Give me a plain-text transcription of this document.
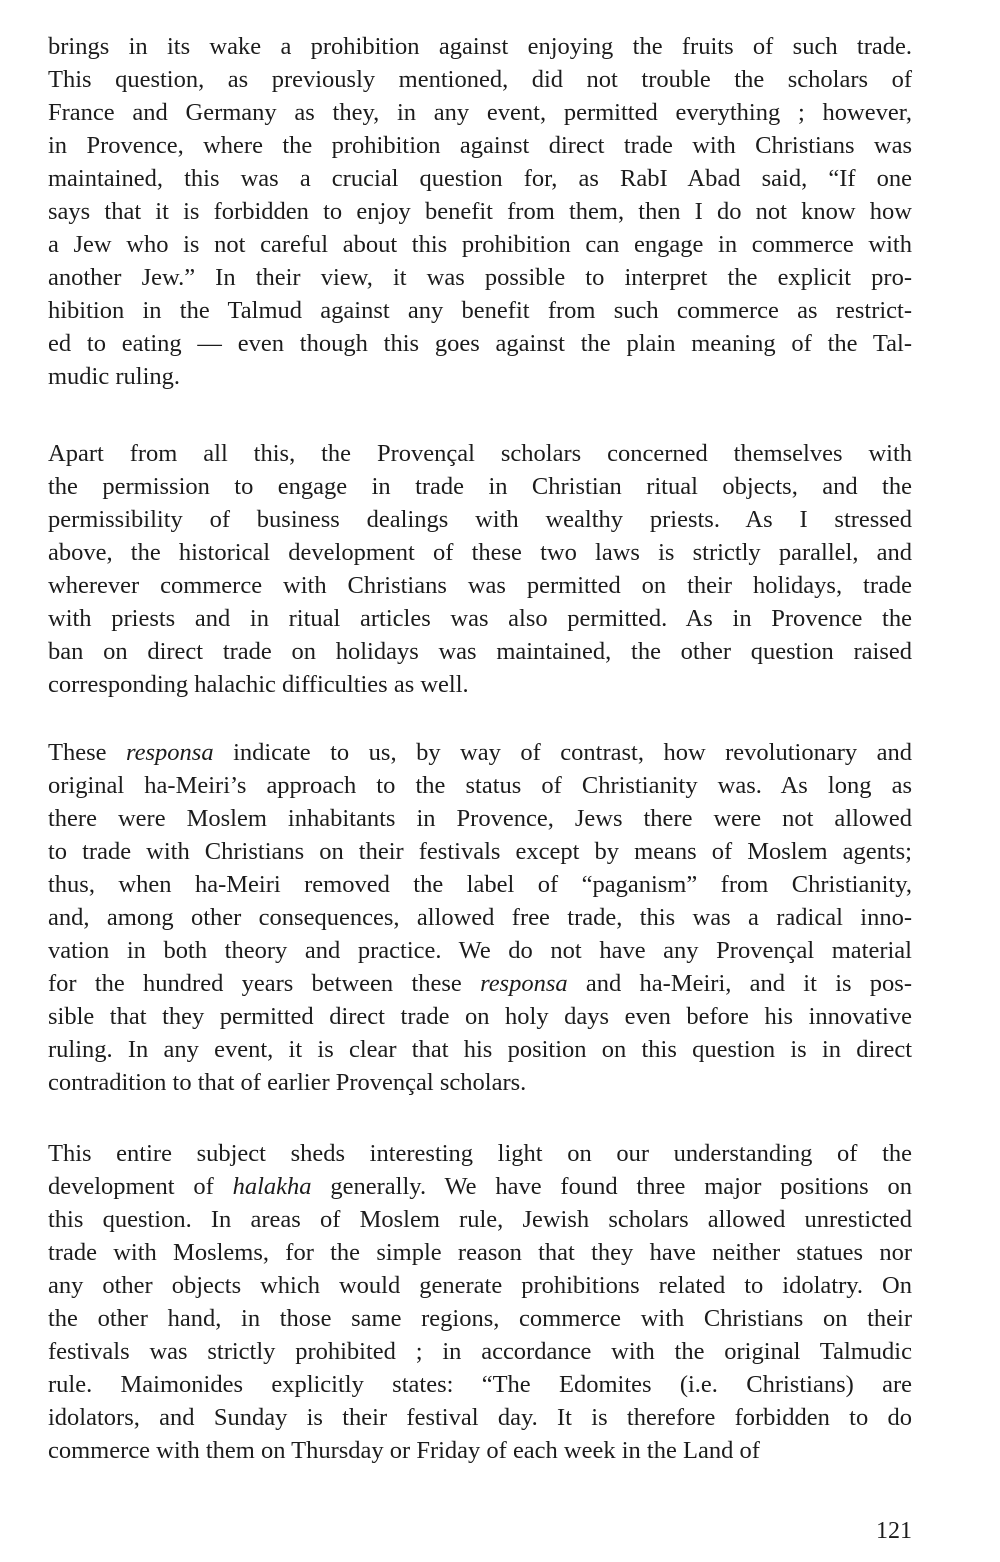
brings in its wake a prohibition against enjoying the fruits of such trade.
This question, as previously mentioned, did not trouble the scholars of
France and Germany as they, in any event, permitted everything ; however,
in Provence, where the prohibition against direct trade with Christians was
maintained, this was a crucial question for, as RabI Abad said, “If one
says that it is forbidden to enjoy benefit from them, then I do not know how
a Jew who is not careful about this prohibition can engage in commerce with
another Jew.” In their view, it was possible to interpret the explicit pro-
hibition in the Talmud against any benefit from such commerce as restrict-
ed to eating — even though this goes against the plain meaning of the Tal-
mudic ruling.
Apart from all this, the Provençal scholars concerned themselves with
the permission to engage in trade in Christian ritual objects, and the
permissibility of business dealings with wealthy priests. As I stressed
above, the historical development of these two laws is strictly parallel, and
wherever commerce with Christians was permitted on their holidays, trade
with priests and in ritual articles was also permitted. As in Provence the
ban on direct trade on holidays was maintained, the other question raised
corresponding halachic difficulties as well.
These responsa indicate to us, by way of contrast, how revolutionary and
original ha-Meiri’s approach to the status of Christianity was. As long as
there were Moslem inhabitants in Provence, Jews there were not allowed
to trade with Christians on their festivals except by means of Moslem agents;
thus, when ha-Meiri removed the label of “paganism” from Christianity,
and, among other consequences, allowed free trade, this was a radical inno-
vation in both theory and practice. We do not have any Provençal material
for the hundred years between these responsa and ha-Meiri, and it is pos-
sible that they permitted direct trade on holy days even before his innovative
ruling. In any event, it is clear that his position on this question is in direct
contradition to that of earlier Provençal scholars.
This entire subject sheds interesting light on our understanding of the
development of halakha generally. We have found three major positions on
this question. In areas of Moslem rule, Jewish scholars allowed unresticted
trade with Moslems, for the simple reason that they have neither statues nor
any other objects which would generate prohibitions related to idolatry. On
the other hand, in those same regions, commerce with Christians on their
festivals was strictly prohibited ; in accordance with the original Talmudic
rule. Maimonides explicitly states: “The Edomites (i.e. Christians) are
idolators, and Sunday is their festival day. It is therefore forbidden to do
commerce with them on Thursday or Friday of each week in the Land of
121
